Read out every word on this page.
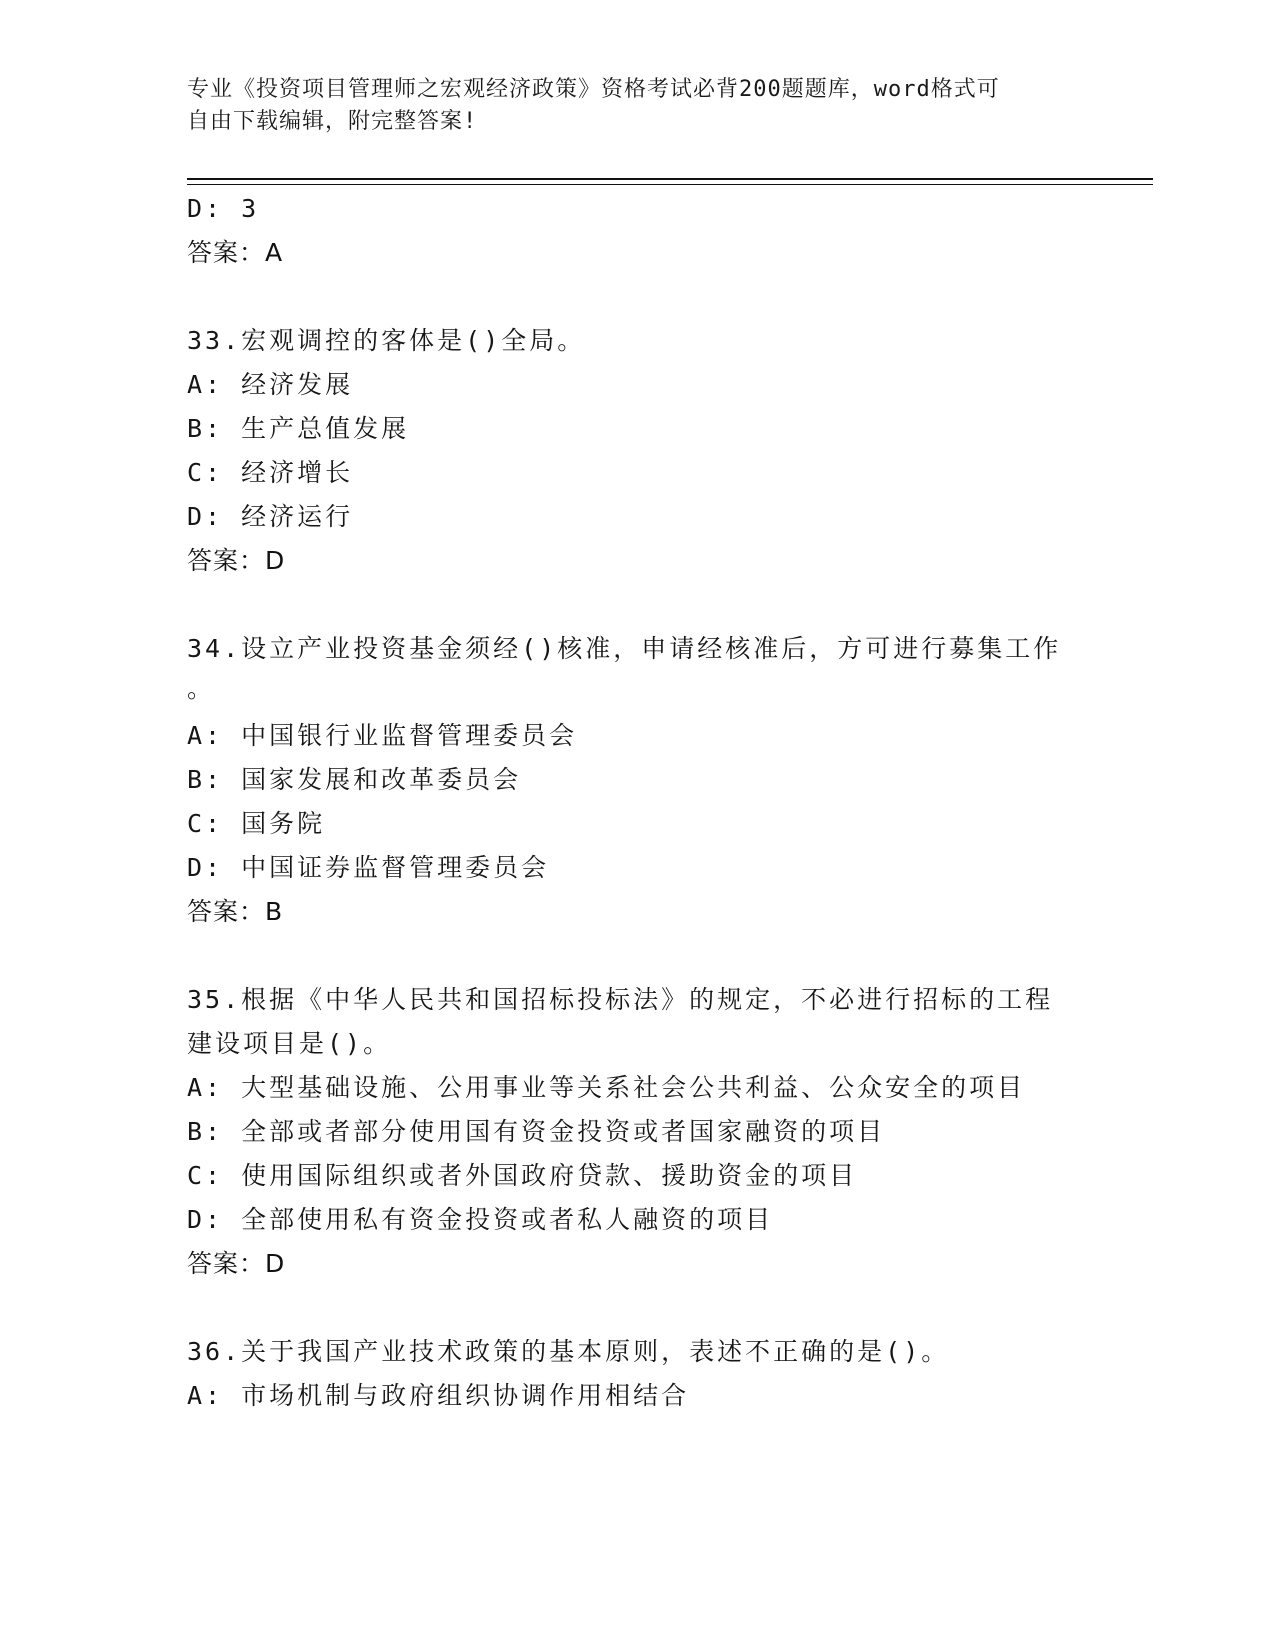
专业《投资项目管理师之宏观经济政策》资格考试必背200题题库，word格式可
自由下载编辑，附完整答案!
D: 3
答案：A
33.宏观调控的客体是()全局。
A: 经济发展
B: 生产总值发展
C: 经济增长
D: 经济运行
答案：D
34.设立产业投资基金须经()核准，申请经核准后，方可进行募集工作
。
A: 中国银行业监督管理委员会
B: 国家发展和改革委员会
C: 国务院
D: 中国证券监督管理委员会
答案：B
35.根据《中华人民共和国招标投标法》的规定，不必进行招标的工程
建设项目是()。
A: 大型基础设施、公用事业等关系社会公共利益、公众安全的项目
B: 全部或者部分使用国有资金投资或者国家融资的项目
C: 使用国际组织或者外国政府贷款、援助资金的项目
D: 全部使用私有资金投资或者私人融资的项目
答案：D
36.关于我国产业技术政策的基本原则，表述不正确的是()。
A: 市场机制与政府组织协调作用相结合
